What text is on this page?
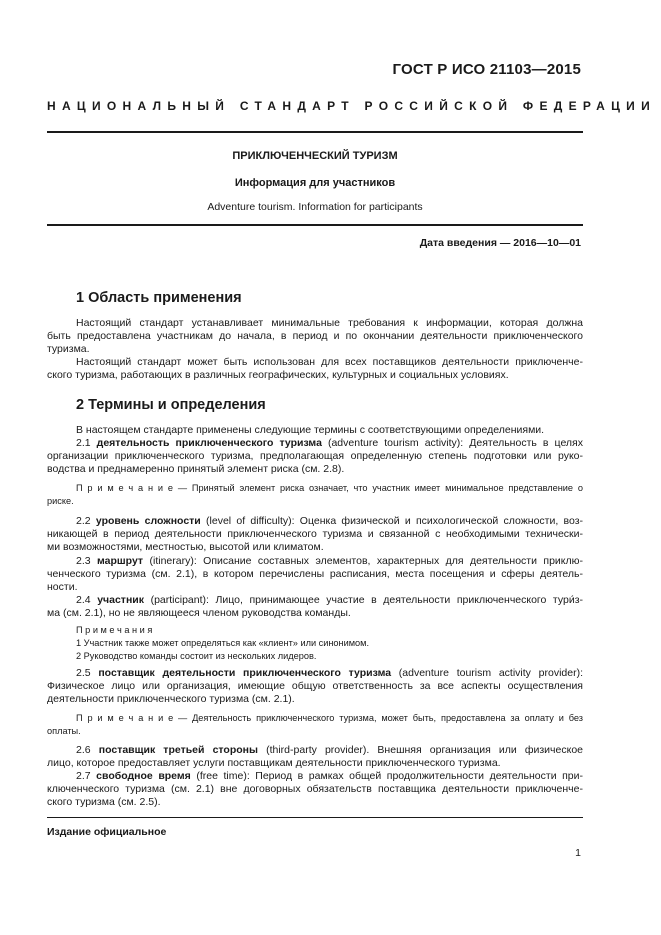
ГОСТ Р ИСО 21103—2015
НАЦИОНАЛЬНЫЙ СТАНДАРТ РОССИЙСКОЙ ФЕДЕРАЦИИ
ПРИКЛЮЧЕНЧЕСКИЙ ТУРИЗМ
Информация для участников
Adventure tourism. Information for participants
Дата введения — 2016—10—01
1 Область применения
Настоящий стандарт устанавливает минимальные требования к информации, которая должна
быть предоставлена участникам до начала, в период и по окончании деятельности приключенческого
туризма.
Настоящий стандарт может быть использован для всех поставщиков деятельности приключенче-
ского туризма, работающих в различных географических, культурных и социальных условиях.
2 Термины и определения
В настоящем стандарте применены следующие термины с соответствующими определениями.
2.1 деятельность приключенческого туризма (adventure tourism activity): Деятельность в целях
организации приключенческого туризма, предполагающая определенную степень подготовки или руко-
водства и преднамеренно принятый элемент риска (см. 2.8).
П р и м е ч а н и е — Принятый элемент риска означает, что участник имеет минимальное представление о
риске.
2.2 уровень сложности (level of difficulty): Оценка физической и психологической сложности, воз-
никающей в период деятельности приключенческого туризма и связанной с необходимыми технически-
ми возможностями, местностью, высотой или климатом.
2.3 маршрут (itinerary): Описание составных элементов, характерных для деятельности приклю-
ченческого туризма (см. 2.1), в котором перечислены расписания, места посещения и сферы деятель-
ности.
2.4 участник (participant): Лицо, принимающее участие в деятельности приключенческого тури́з-
ма (см. 2.1), но не являющееся членом руководства команды.
П р и м е ч а н и я
1 Участник также может определяться как «клиент» или синонимом.
2 Руководство команды состоит из нескольких лидеров.
2.5 поставщик деятельности приключенческого туризма (adventure tourism activity provider):
Физическое лицо или организация, имеющие общую ответственность за все аспекты осуществления
деятельности приключенческого туризма (см. 2.1).
П р и м е ч а н и е — Деятельность приключенческого туризма, может быть, предоставлена за оплату и без
оплаты.
2.6 поставщик третьей стороны (third-party provider). Внешняя организация или физическое
лицо, которое предоставляет услуги поставщикам деятельности приключенческого туризма.
2.7 свободное время (free time): Период в рамках общей продолжительности деятельности при-
ключенческого туризма (см. 2.1) вне договорных обязательств поставщика деятельности приключенче-
ского туризма (см. 2.5).
Издание официальное
1
